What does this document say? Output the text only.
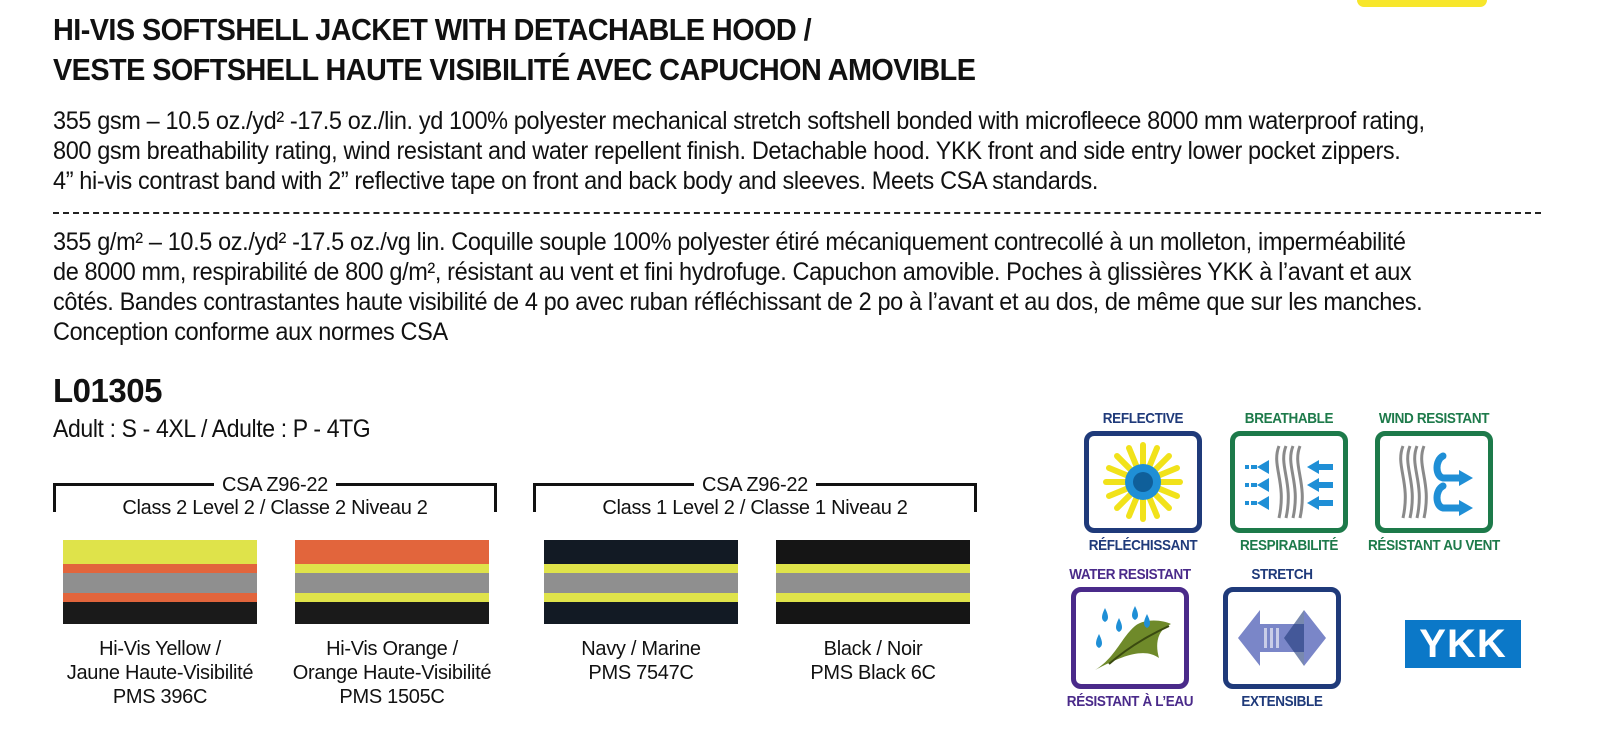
HI-VIS SOFTSHELL JACKET WITH DETACHABLE HOOD /
VESTE SOFTSHELL HAUTE VISIBILITÉ AVEC CAPUCHON AMOVIBLE

355 gsm – 10.5 oz./yd² -17.5 oz./lin. yd 100% polyester mechanical stretch softshell bonded with microfleece 8000 mm waterproof rating,
800 gsm breathability rating, wind resistant and water repellent finish. Detachable hood. YKK front and side entry lower pocket zippers.
4” hi-vis contrast band with 2” reflective tape on front and back body and sleeves. Meets CSA standards.

355 g/m² – 10.5 oz./yd² -17.5 oz./vg lin. Coquille souple 100% polyester étiré mécaniquement contrecollé à un molleton, imperméabilité
de 8000 mm, respirabilité de 800 g/m², résistant au vent et fini hydrofuge. Capuchon amovible. Poches à glissières YKK à l’avant et aux
côtés. Bandes contrastantes haute visibilité de 4 po avec ruban réfléchissant de 2 po à l’avant et au dos, de même que sur les manches.
Conception conforme aux normes CSA

L01305
Adult : S - 4XL / Adulte : P - 4TG
CSA Z96-22
Class 2 Level 2 / Classe 2 Niveau 2
CSA Z96-22
Class 1 Level 2 / Classe 1 Niveau 2
Hi-Vis Yellow /
Jaune Haute-Visibilité
PMS 396C
Hi-Vis Orange /
Orange Haute-Visibilité
PMS 1505C
Navy / Marine
PMS 7547C
Black / Noir
PMS Black 6C
REFLECTIVE
RÉFLÉCHISSANT
BREATHABLE
RESPIRABILITÉ
WIND RESISTANT
RÉSISTANT AU VENT
WATER RESISTANT
RÉSISTANT À L’EAU
STRETCH
EXTENSIBLE
YKK
